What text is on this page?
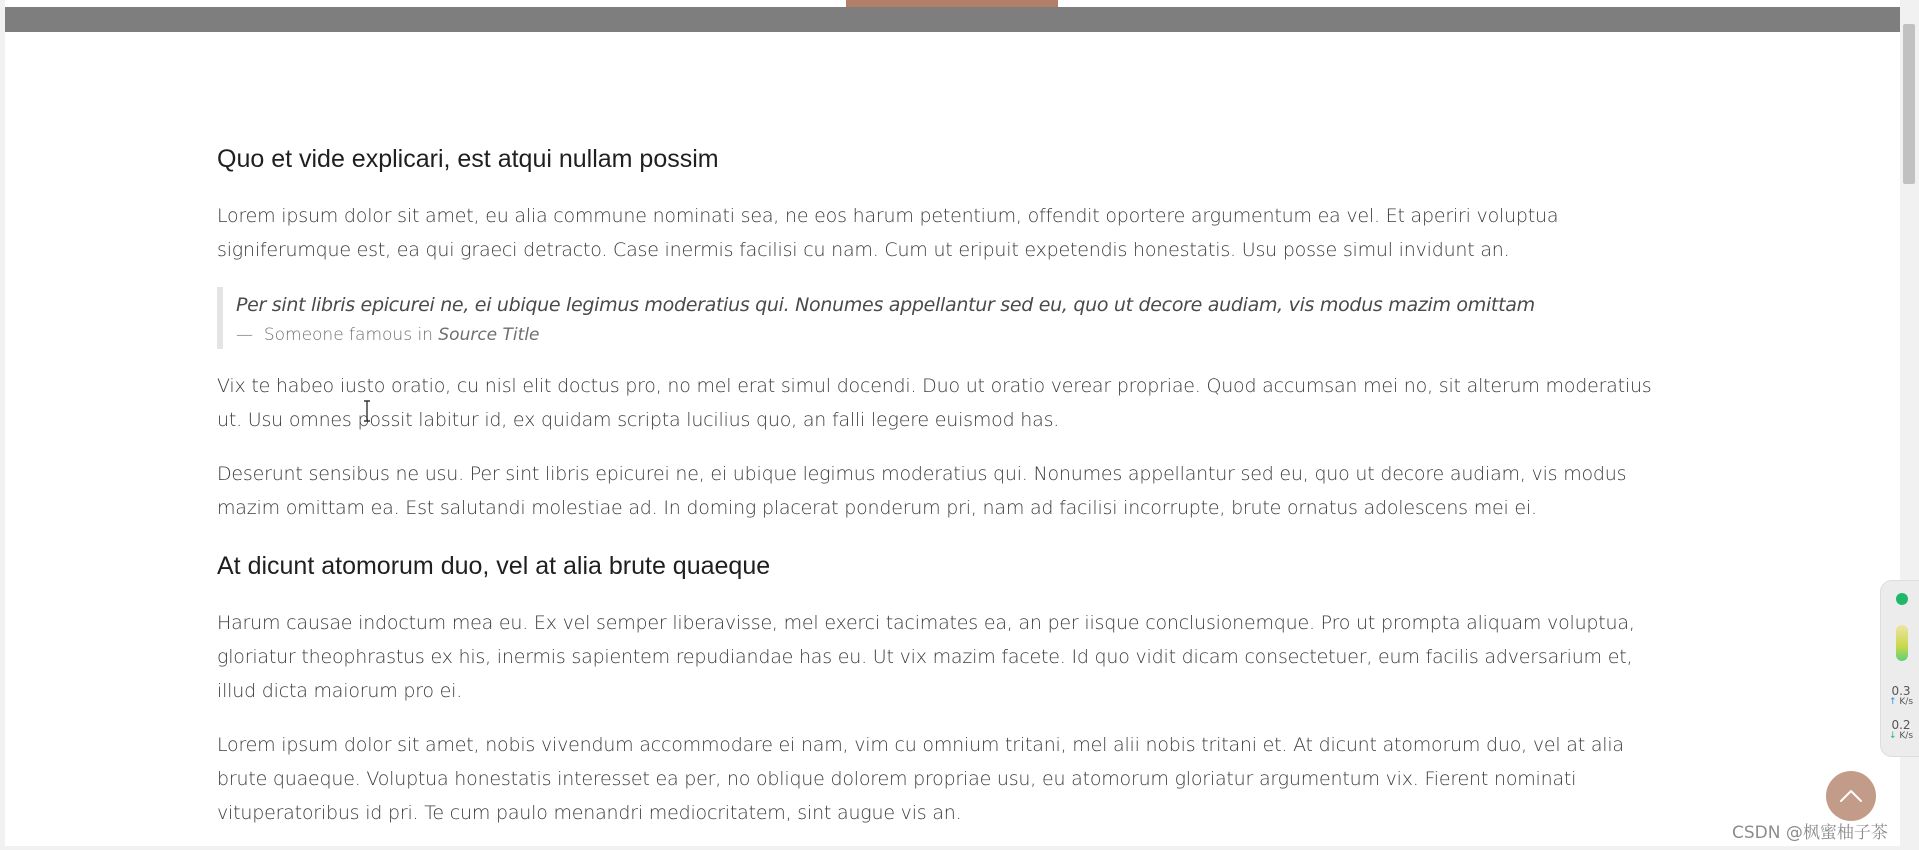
Quo et vide explicari, est atqui nullam possim

Lorem ipsum dolor sit amet, eu alia commune nominati sea, ne eos harum petentium, offendit oportere argumentum ea vel. Et aperiri voluptua signiferumque est, ea qui graeci detracto. Case inermis facilisi cu nam. Cum ut eripuit expetendis honestatis. Usu posse simul invidunt an.

Per sint libris epicurei ne, ei ubique legimus moderatius qui. Nonumes appellantur sed eu, quo ut decore audiam, vis modus mazim omittam
— Someone famous in Source Title

Vix te habeo iusto oratio, cu nisl elit doctus pro, no mel erat simul docendi. Duo ut oratio verear propriae. Quod accumsan mei no, sit alterum moderatius ut. Usu omnes possit labitur id, ex quidam scripta lucilius quo, an falli legere euismod has.

Deserunt sensibus ne usu. Per sint libris epicurei ne, ei ubique legimus moderatius qui. Nonumes appellantur sed eu, quo ut decore audiam, vis modus mazim omittam ea. Est salutandi molestiae ad. In doming placerat ponderum pri, nam ad facilisi incorrupte, brute ornatus adolescens mei ei.

At dicunt atomorum duo, vel at alia brute quaeque

Harum causae indoctum mea eu. Ex vel semper liberavisse, mel exerci tacimates ea, an per iisque conclusionemque. Pro ut prompta aliquam voluptua, gloriatur theophrastus ex his, inermis sapientem repudiandae has eu. Ut vix mazim facete. Id quo vidit dicam consectetuer, eum facilis adversarium et, illud dicta maiorum pro ei.

Lorem ipsum dolor sit amet, nobis vivendum accommodare ei nam, vim cu omnium tritani, mel alii nobis tritani et. At dicunt atomorum duo, vel at alia brute quaeque. Voluptua honestatis interesset ea per, no oblique dolorem propriae usu, eu atomorum gloriatur argumentum vix. Fierent nominati vituperatoribus id pri. Te cum paulo menandri mediocritatem, sint augue vis an.

0.3
↑ K/s
0.2
↓ K/s
CSDN @枫蜜柚子茶
